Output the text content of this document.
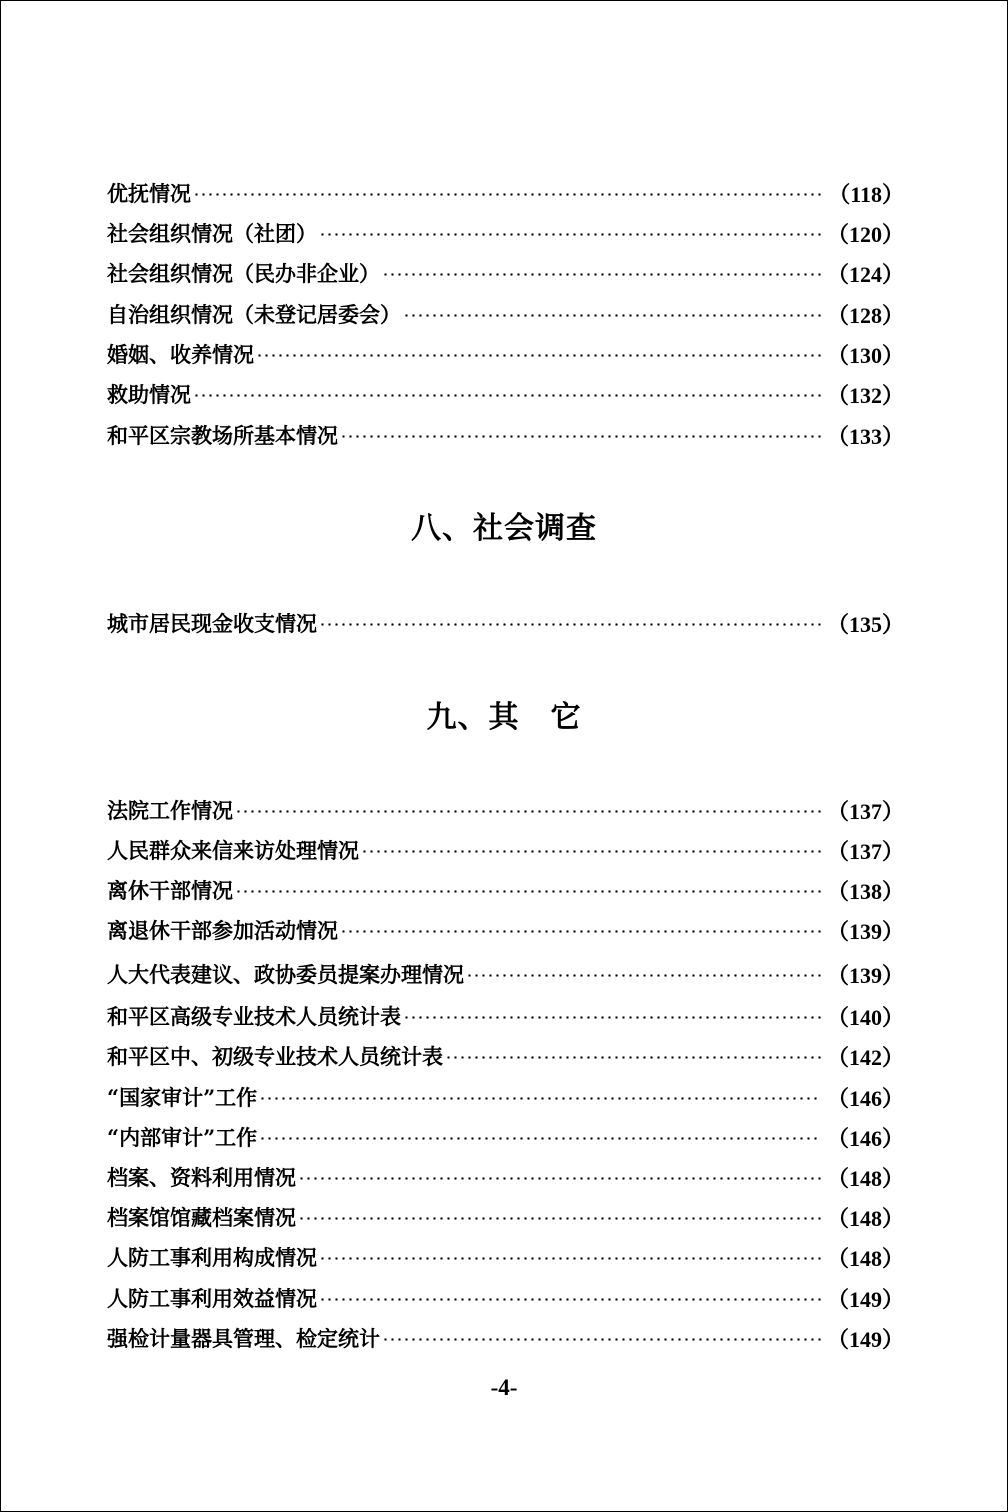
优抚情况	（118）
社会组织情况（社团）	（120）
社会组织情况（民办非企业）	（124）
自治组织情况（未登记居委会）	（128）
婚姻、收养情况	（130）
救助情况	（132）
和平区宗教场所基本情况	（133）
八、社会调查
城市居民现金收支情况	（135）
九、其　它
法院工作情况	（137）
人民群众来信来访处理情况	（137）
离休干部情况	（138）
离退休干部参加活动情况	（139）
人大代表建议、政协委员提案办理情况	（139）
和平区高级专业技术人员统计表	（140）
和平区中、初级专业技术人员统计表	（142）
“国家审计”工作	（146）
“内部审计”工作	（146）
档案、资料利用情况	（148）
档案馆馆藏档案情况	（148）
人防工事利用构成情况	（148）
人防工事利用效益情况	（149）
强检计量器具管理、检定统计	（149）
-4-
